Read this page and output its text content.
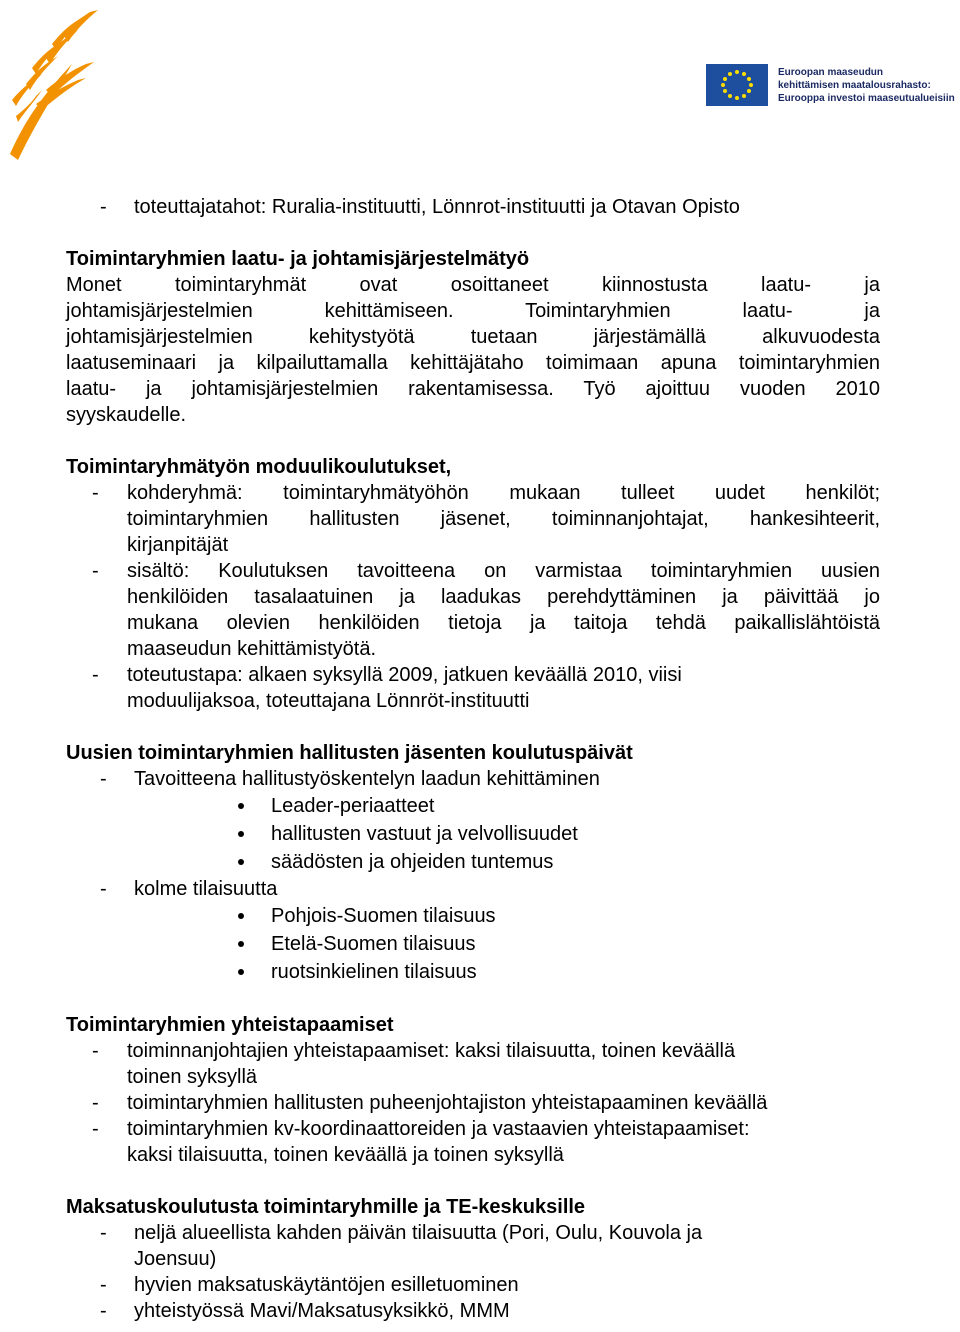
Euroopan maaseudun
kehittämisen maatalousrahasto:
Eurooppa investoi maaseutualueisiin
- toteuttajatahot: Ruralia-instituutti, Lönnrot-instituutti ja Otavan Opisto
Toimintaryhmien laatu- ja johtamisjärjestelmätyö
Monet toimintaryhmät ovat osoittaneet kiinnostusta laatu- ja
johtamisjärjestelmien kehittämiseen. Toimintaryhmien laatu- ja
johtamisjärjestelmien kehitystyötä tuetaan järjestämällä alkuvuodesta
laatuseminaari ja kilpailuttamalla kehittäjätaho toimimaan apuna toimintaryhmien
laatu- ja johtamisjärjestelmien rakentamisessa. Työ ajoittuu vuoden 2010
syyskaudelle.
Toimintaryhmätyön moduulikoulutukset,
- kohderyhmä: toimintaryhmätyöhön mukaan tulleet uudet henkilöt;
toimintaryhmien hallitusten jäsenet, toiminnanjohtajat, hankesihteerit,
kirjanpitäjät
- sisältö: Koulutuksen tavoitteena on varmistaa toimintaryhmien uusien
henkilöiden tasalaatuinen ja laadukas perehdyttäminen ja päivittää jo
mukana olevien henkilöiden tietoja ja taitoja tehdä paikallislähtöistä
maaseudun kehittämistyötä.
- toteutustapa: alkaen syksyllä 2009, jatkuen keväällä 2010, viisi
moduulijaksoa, toteuttajana Lönnröt-instituutti
Uusien toimintaryhmien hallitusten jäsenten koulutuspäivät
- Tavoitteena hallitustyöskentelyn laadun kehittäminen
Leader-periaatteet
hallitusten vastuut ja velvollisuudet
säädösten ja ohjeiden tuntemus
- kolme tilaisuutta
Pohjois-Suomen tilaisuus
Etelä-Suomen tilaisuus
ruotsinkielinen tilaisuus
Toimintaryhmien yhteistapaamiset
- toiminnanjohtajien yhteistapaamiset: kaksi tilaisuutta, toinen keväällä
toinen syksyllä
- toimintaryhmien hallitusten puheenjohtajiston yhteistapaaminen keväällä
- toimintaryhmien kv-koordinaattoreiden ja vastaavien yhteistapaamiset:
kaksi tilaisuutta, toinen keväällä ja toinen syksyllä
Maksatuskoulutusta toimintaryhmille ja TE-keskuksille
- neljä alueellista kahden päivän tilaisuutta (Pori, Oulu, Kouvola ja
Joensuu)
- hyvien maksatuskäytäntöjen esilletuominen
- yhteistyössä Mavi/Maksatusyksikkö, MMM
